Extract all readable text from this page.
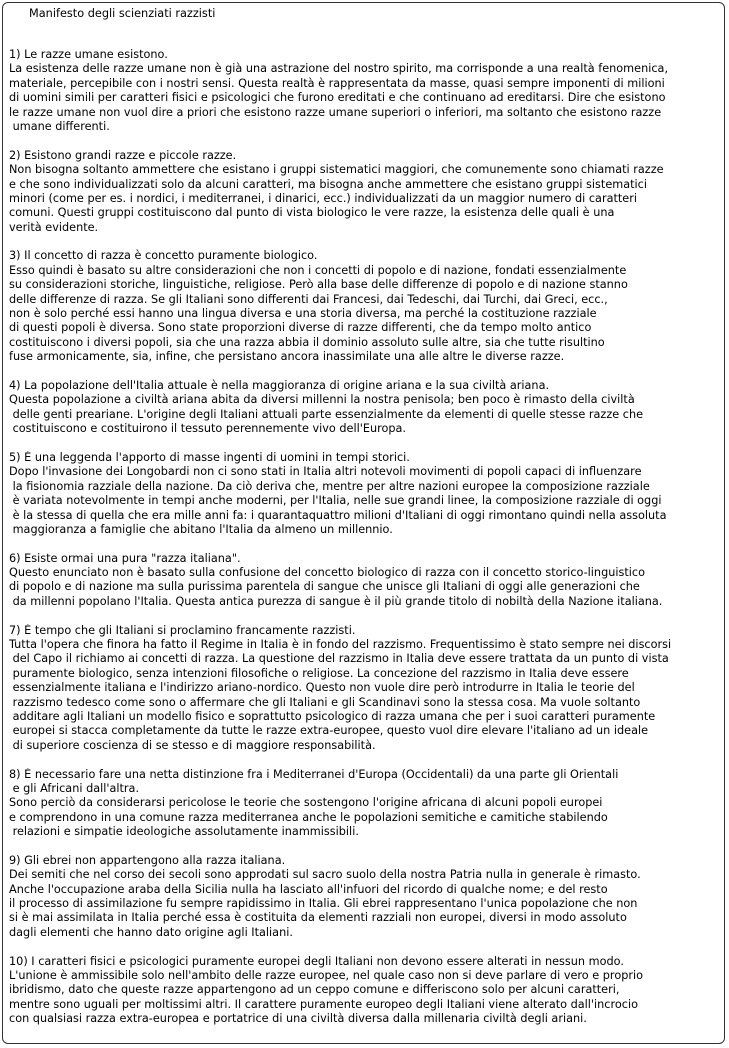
Manifesto degli scienziati razzisti
1) Le razze umane esistono.
La esistenza delle razze umane non è già una astrazione del nostro spirito, ma corrisponde a una realtà fenomenica,
materiale, percepibile con i nostri sensi. Questa realtà è rappresentata da masse, quasi sempre imponenti di milioni
di uomini simili per caratteri fisici e psicologici che furono ereditati e che continuano ad ereditarsi. Dire che esistono
le razze umane non vuol dire a priori che esistono razze umane superiori o inferiori, ma soltanto che esistono razze
umane differenti.
2) Esistono grandi razze e piccole razze.
Non bisogna soltanto ammettere che esistano i gruppi sistematici maggiori, che comunemente sono chiamati razze
e che sono individualizzati solo da alcuni caratteri, ma bisogna anche ammettere che esistano gruppi sistematici
minori (come per es. i nordici, i mediterranei, i dinarici, ecc.) individualizzati da un maggior numero di caratteri
comuni. Questi gruppi costituiscono dal punto di vista biologico le vere razze, la esistenza delle quali è una
verità evidente.
3) Il concetto di razza è concetto puramente biologico.
Esso quindi è basato su altre considerazioni che non i concetti di popolo e di nazione, fondati essenzialmente
su considerazioni storiche, linguistiche, religiose. Però alla base delle differenze di popolo e di nazione stanno
delle differenze di razza. Se gli Italiani sono differenti dai Francesi, dai Tedeschi, dai Turchi, dai Greci, ecc.,
non è solo perché essi hanno una lingua diversa e una storia diversa, ma perché la costituzione razziale
di questi popoli è diversa. Sono state proporzioni diverse di razze differenti, che da tempo molto antico
costituiscono i diversi popoli, sia che una razza abbia il dominio assoluto sulle altre, sia che tutte risultino
fuse armonicamente, sia, infine, che persistano ancora inassimilate una alle altre le diverse razze.
4) La popolazione dell'Italia attuale è nella maggioranza di origine ariana e la sua civiltà ariana.
Questa popolazione a civiltà ariana abita da diversi millenni la nostra penisola; ben poco è rimasto della civiltà
delle genti preariane. L'origine degli Italiani attuali parte essenzialmente da elementi di quelle stesse razze che
costituiscono e costituirono il tessuto perennemente vivo dell'Europa.
5) È una leggenda l'apporto di masse ingenti di uomini in tempi storici.
Dopo l'invasione dei Longobardi non ci sono stati in Italia altri notevoli movimenti di popoli capaci di influenzare
la fisionomia razziale della nazione. Da ciò deriva che, mentre per altre nazioni europee la composizione razziale
è variata notevolmente in tempi anche moderni, per l'Italia, nelle sue grandi linee, la composizione razziale di oggi
è la stessa di quella che era mille anni fa: i quarantaquattro milioni d'Italiani di oggi rimontano quindi nella assoluta
maggioranza a famiglie che abitano l'Italia da almeno un millennio.
6) Esiste ormai una pura "razza italiana".
Questo enunciato non è basato sulla confusione del concetto biologico di razza con il concetto storico-linguistico
di popolo e di nazione ma sulla purissima parentela di sangue che unisce gli Italiani di oggi alle generazioni che
da millenni popolano l'Italia. Questa antica purezza di sangue è il più grande titolo di nobiltà della Nazione italiana.
7) È tempo che gli Italiani si proclamino francamente razzisti.
Tutta l'opera che finora ha fatto il Regime in Italia è in fondo del razzismo. Frequentissimo è stato sempre nei discorsi
del Capo il richiamo ai concetti di razza. La questione del razzismo in Italia deve essere trattata da un punto di vista
puramente biologico, senza intenzioni filosofiche o religiose. La concezione del razzismo in Italia deve essere
essenzialmente italiana e l'indirizzo ariano-nordico. Questo non vuole dire però introdurre in Italia le teorie del
razzismo tedesco come sono o affermare che gli Italiani e gli Scandinavi sono la stessa cosa. Ma vuole soltanto
additare agli Italiani un modello fisico e soprattutto psicologico di razza umana che per i suoi caratteri puramente
europei si stacca completamente da tutte le razze extra-europee, questo vuol dire elevare l'italiano ad un ideale
di superiore coscienza di se stesso e di maggiore responsabilità.
8) È necessario fare una netta distinzione fra i Mediterranei d'Europa (Occidentali) da una parte gli Orientali
e gli Africani dall'altra.
Sono perciò da considerarsi pericolose le teorie che sostengono l'origine africana di alcuni popoli europei
e comprendono in una comune razza mediterranea anche le popolazioni semitiche e camitiche stabilendo
relazioni e simpatie ideologiche assolutamente inammissibili.
9) Gli ebrei non appartengono alla razza italiana.
Dei semiti che nel corso dei secoli sono approdati sul sacro suolo della nostra Patria nulla in generale è rimasto.
Anche l'occupazione araba della Sicilia nulla ha lasciato all'infuori del ricordo di qualche nome; e del resto
il processo di assimilazione fu sempre rapidissimo in Italia. Gli ebrei rappresentano l'unica popolazione che non
si è mai assimilata in Italia perché essa è costituita da elementi razziali non europei, diversi in modo assoluto
dagli elementi che hanno dato origine agli Italiani.
10) I caratteri fisici e psicologici puramente europei degli Italiani non devono essere alterati in nessun modo.
L'unione è ammissibile solo nell'ambito delle razze europee, nel quale caso non si deve parlare di vero e proprio
ibridismo, dato che queste razze appartengono ad un ceppo comune e differiscono solo per alcuni caratteri,
mentre sono uguali per moltissimi altri. Il carattere puramente europeo degli Italiani viene alterato dall'incrocio
con qualsiasi razza extra-europea e portatrice di una civiltà diversa dalla millenaria civiltà degli ariani.
